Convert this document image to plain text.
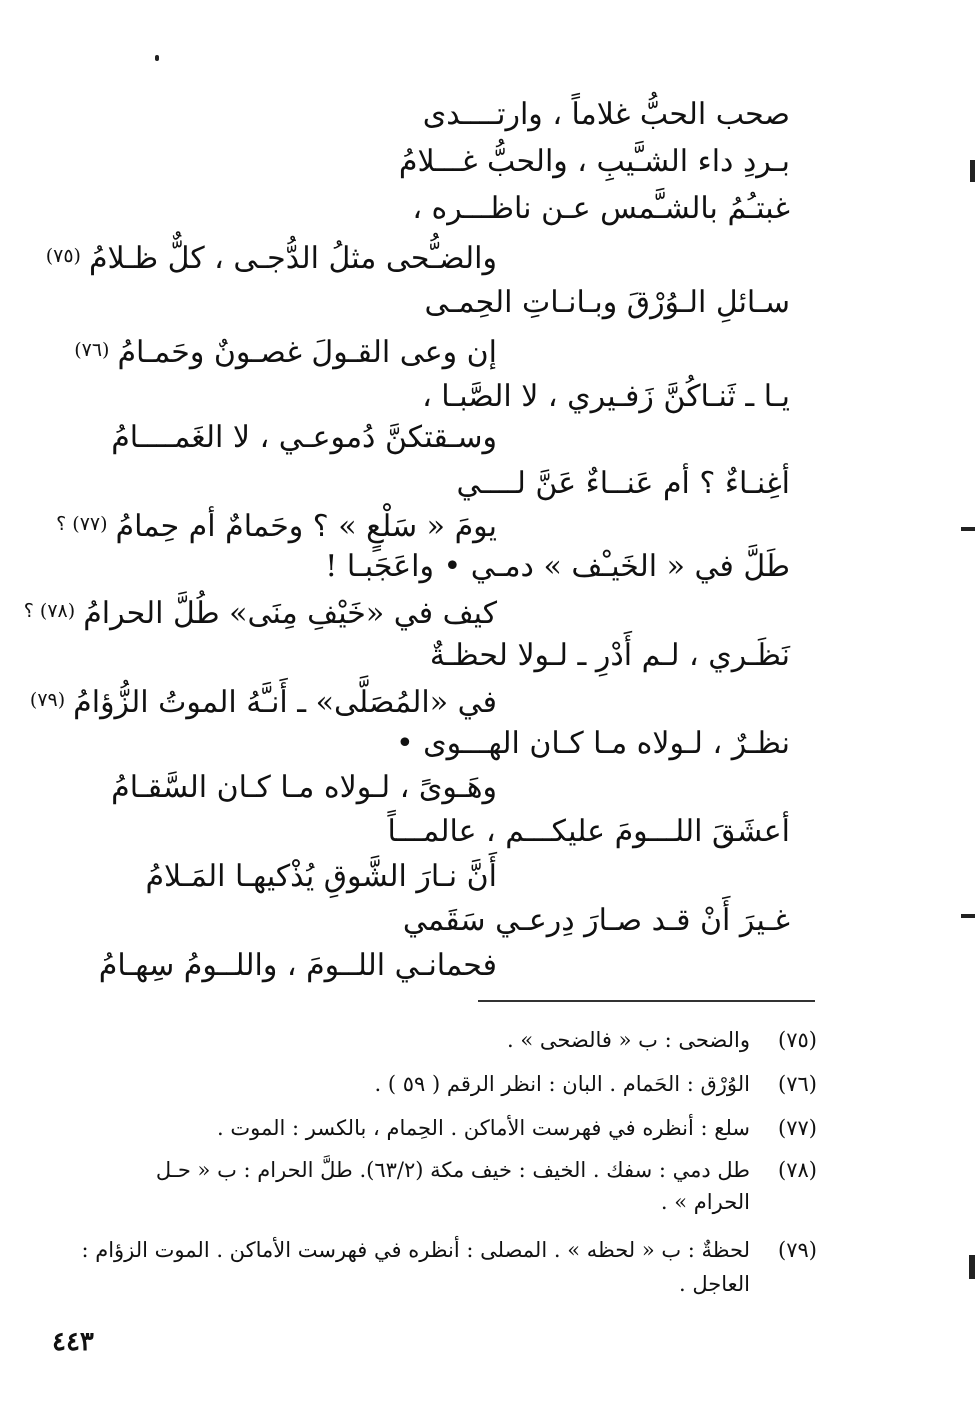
صحب الحبُّ غلاماً ، وارتــــدى
بـردِ داء الشـَّيبِ ، والحبُّ غـــلامُ
غبتـُمُ بالشـَّمس عـن ناظـــره ،
والضـُّحى مثلُ الدُّجـى ، كلٌّ ظـلامُ$^{(٧٥)}$
سـائلِ الـوُرْقَ وبـانـاتِ الحِمـى
إن وعى القـولَ غصـونٌ وحَمـامُ$^{(٧٦)}$
يـا ـ ثَنـاكُنَّ زَفـيري ، لا الصَّبـا ،
وسـقتكنَّ دُموعـي ، لا الغَمــــامُ
أغِنـاءٌ ؟ أم عَنــاءٌ عَنَّ لــــي
يومَ « سَلْعٍ » ؟ وحَمامٌ أم حِمامُ$^{(٧٧) ؟}$
طَلَّ في « الخَيـْف » دمـي • واعَجَبـا !
كيف في «خَيْفِ مِنَى» طُلَّ الحرامُ$^{(٧٨) ؟}$
نَظَـري ، لـم أَدْرِ ـ لـولا لحظـةٌ
في «المُصَلَّى» ـ أَنـَّهُ الموتُ الزُّؤامُ$^{(٧٩)}$
نظـرٌ ، لـولاه مـا كـان الهـــوى •
وهَـوىً ، لـولاه مـا كـان السَّقـامُ
أعشَقَ اللـــومَ عليكـــم ، عالمـــاً
أَنَّ نـارَ الشَّوقِ يُذْكيهـا المَـلامُ
غـيرَ أَنْ قـد صـارَ دِرعـي سَقَمي
فحمانـي اللــومَ ، واللــومُ سِهـامُ
(٧٥)
والضحى : ب « فالضحى » .
(٧٦)
الوُرْق : الحَمام . البان : انظر الرقم ( ٥٩ ) .
(٧٧)
سلع : أنظره في فهرست الأماكن . الحِمام ، بالكسر : الموت .
(٧٨)
طل دمي : سفك . الخيف : خيف مكة (٦٣/٢). طلَّ الحرام : ب « حـل
الحرام » .
(٧٩)
لحظةٌ : ب « لحظه » . المصلى : أنظره في فهرست الأماكن . الموت الزؤام :
العاجل .
٤٤٣
